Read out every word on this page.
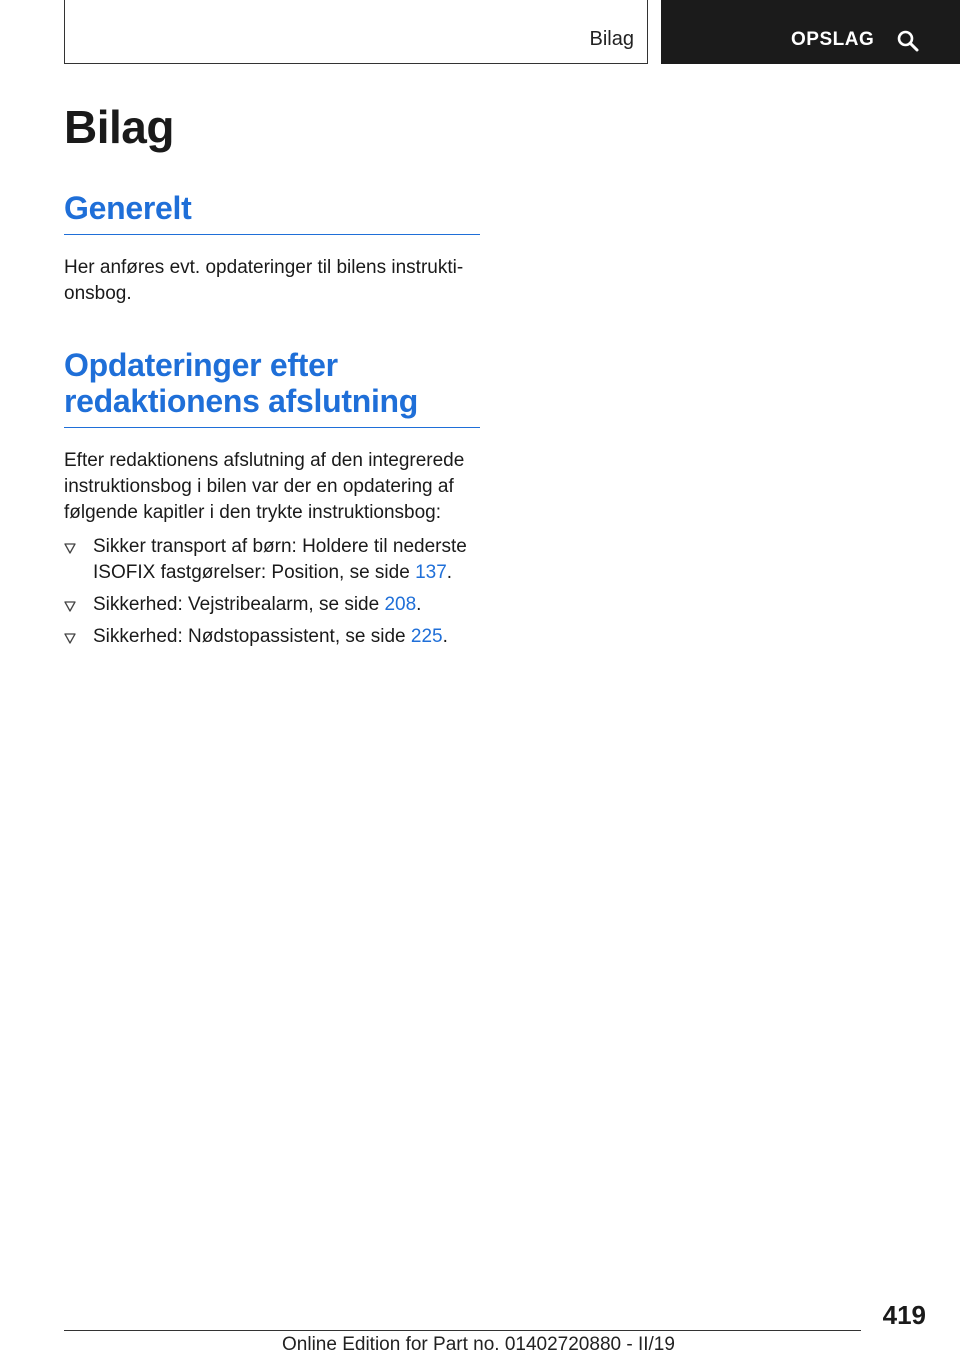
Bilag	OPSLAG
Bilag
Generelt

Her anføres evt. opdateringer til bilens instruktionsbog.

Opdateringer efter redaktionens afslutning

Efter redaktionens afslutning af den integrerede instruktionsbog i bilen var der en opdatering af følgende kapitler i den trykte instruktionsbog:

Sikker transport af børn: Holdere til nederste ISOFIX fastgørelser: Position, se side 137.
Sikkerhed: Vejstribealarm, se side 208.
Sikkerhed: Nødstopassistent, se side 225.
419
Online Edition for Part no. 01402720880 - II/19
